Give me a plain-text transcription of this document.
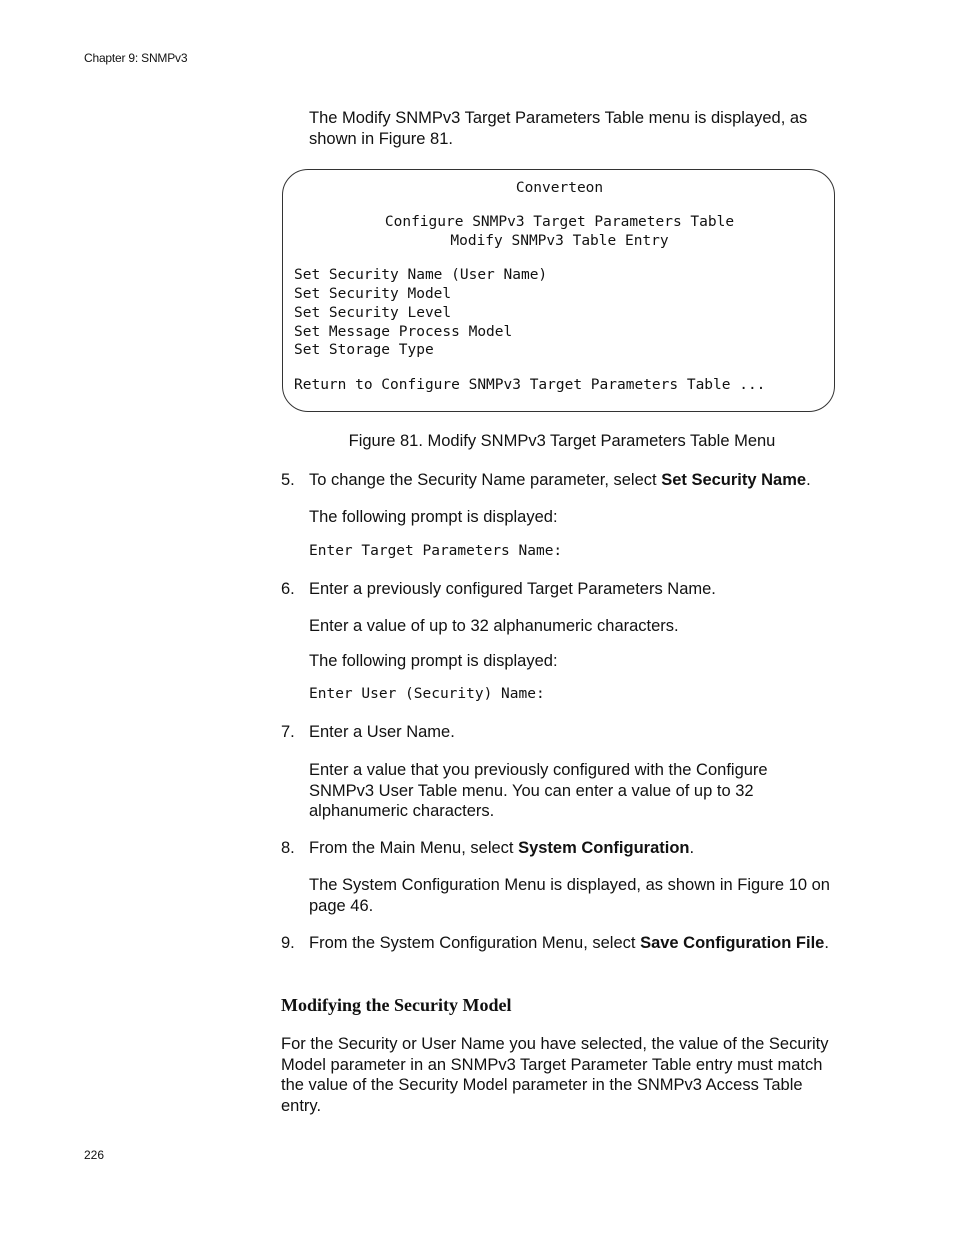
Chapter 9: SNMPv3

The Modify SNMPv3 Target Parameters Table menu is displayed, as shown in Figure 81.

Converteon
Configure SNMPv3 Target Parameters Table
Modify SNMPv3 Table Entry
Set Security Name (User Name)
Set Security Model
Set Security Level
Set Message Process Model
Set Storage Type
Return to Configure SNMPv3 Target Parameters Table ...
Figure 81. Modify SNMPv3 Target Parameters Table Menu
5. To change the Security Name parameter, select Set Security Name.

The following prompt is displayed:

Enter Target Parameters Name:

6. Enter a previously configured Target Parameters Name.

Enter a value of up to 32 alphanumeric characters.

The following prompt is displayed:

Enter User (Security) Name:

7. Enter a User Name.

Enter a value that you previously configured with the Configure SNMPv3 User Table menu. You can enter a value of up to 32 alphanumeric characters.

8. From the Main Menu, select System Configuration.

The System Configuration Menu is displayed, as shown in Figure 10 on page 46.

9. From the System Configuration Menu, select Save Configuration File.

Modifying the Security Model

For the Security or User Name you have selected, the value of the Security Model parameter in an SNMPv3 Target Parameter Table entry must match the value of the Security Model parameter in the SNMPv3 Access Table entry.

226
